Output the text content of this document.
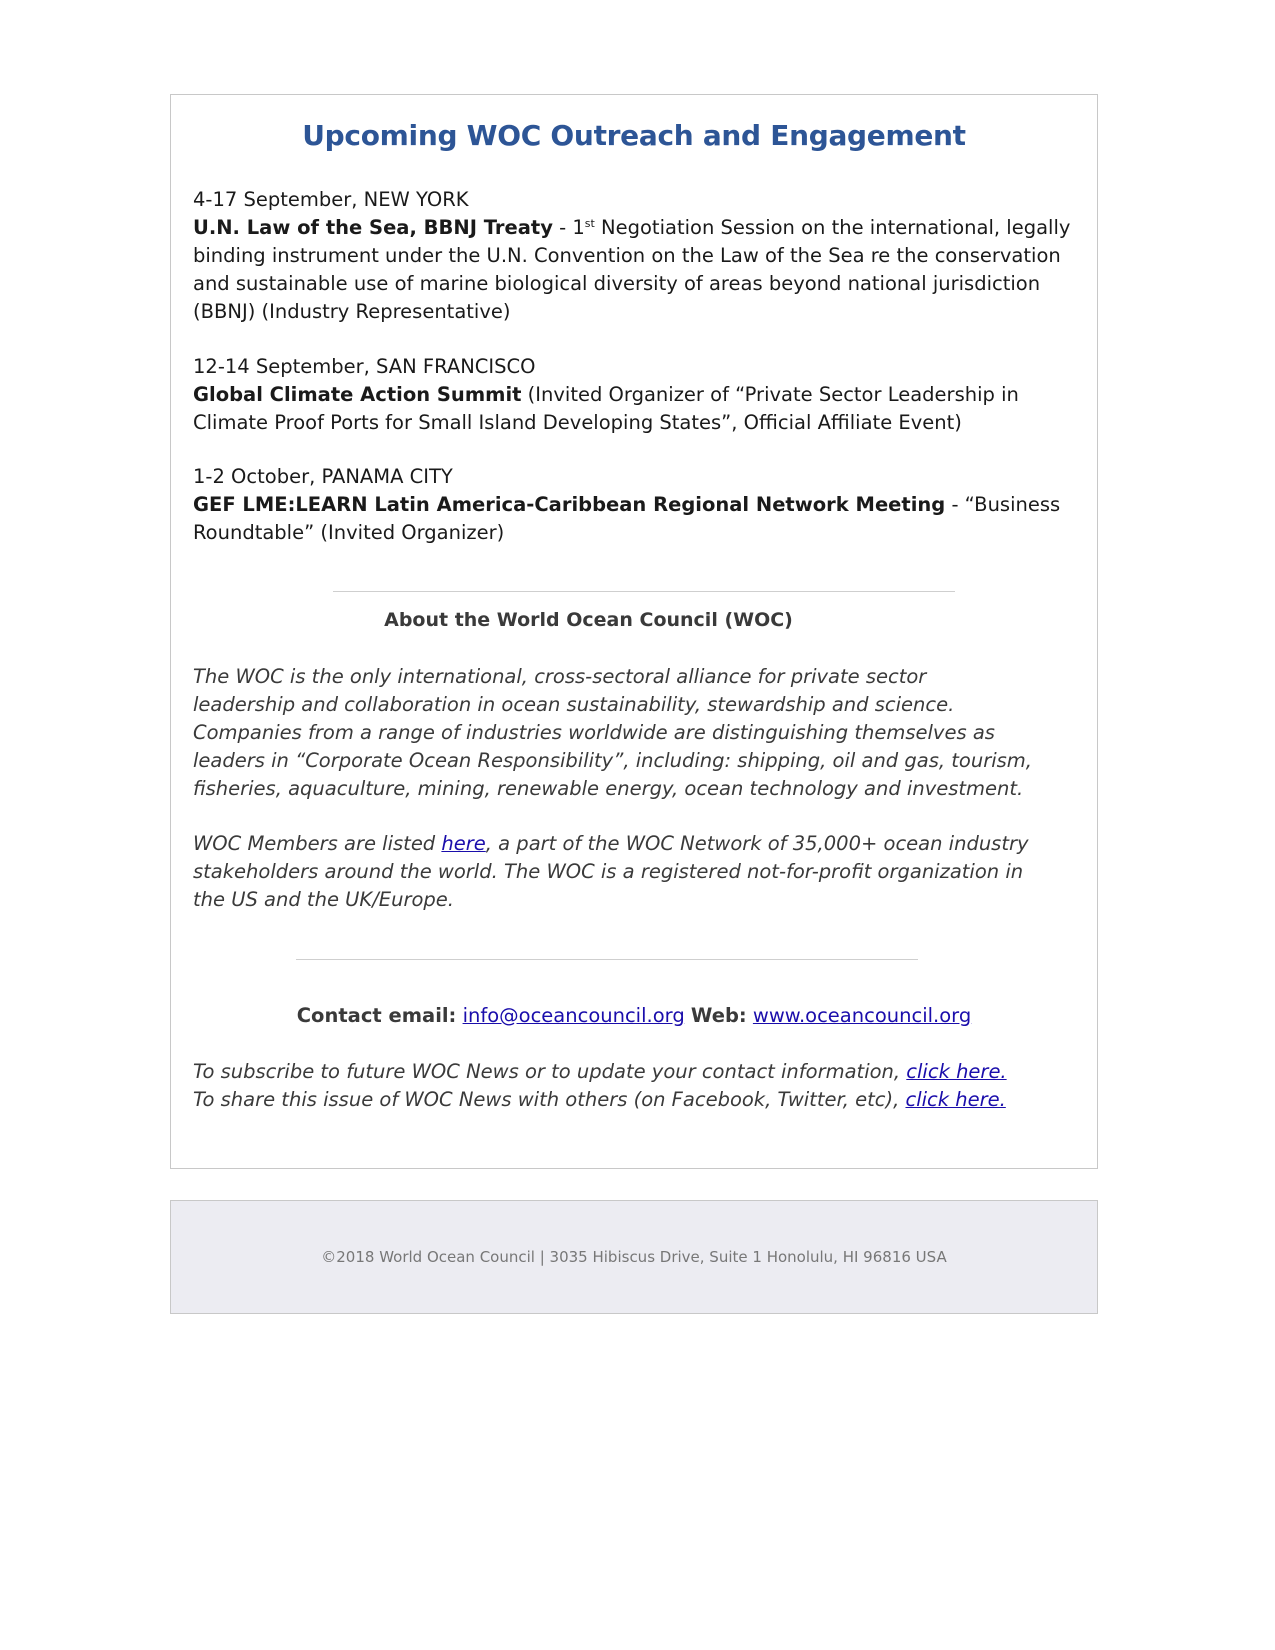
Upcoming WOC Outreach and Engagement
4-17 September, NEW YORK
U.N. Law of the Sea, BBNJ Treaty - 1st Negotiation Session on the international, legally binding instrument under the U.N. Convention on the Law of the Sea re the conservation and sustainable use of marine biological diversity of areas beyond national jurisdiction (BBNJ) (Industry Representative)
12-14 September, SAN FRANCISCO
Global Climate Action Summit (Invited Organizer of “Private Sector Leadership in Climate Proof Ports for Small Island Developing States”, Official Affiliate Event)
1-2 October, PANAMA CITY
GEF LME:LEARN Latin America-Caribbean Regional Network Meeting - “Business Roundtable” (Invited Organizer)
About the World Ocean Council (WOC)
The WOC is the only international, cross-sectoral alliance for private sector leadership and collaboration in ocean sustainability, stewardship and science. Companies from a range of industries worldwide are distinguishing themselves as leaders in “Corporate Ocean Responsibility”, including: shipping, oil and gas, tourism, fisheries, aquaculture, mining, renewable energy, ocean technology and investment.
WOC Members are listed here, a part of the WOC Network of 35,000+ ocean industry stakeholders around the world. The WOC is a registered not-for-profit organization in the US and the UK/Europe.
Contact email: info@oceancouncil.org Web: www.oceancouncil.org
To subscribe to future WOC News or to update your contact information, click here.
To share this issue of WOC News with others (on Facebook, Twitter, etc), click here.
©2018 World Ocean Council | 3035 Hibiscus Drive, Suite 1 Honolulu, HI 96816 USA
